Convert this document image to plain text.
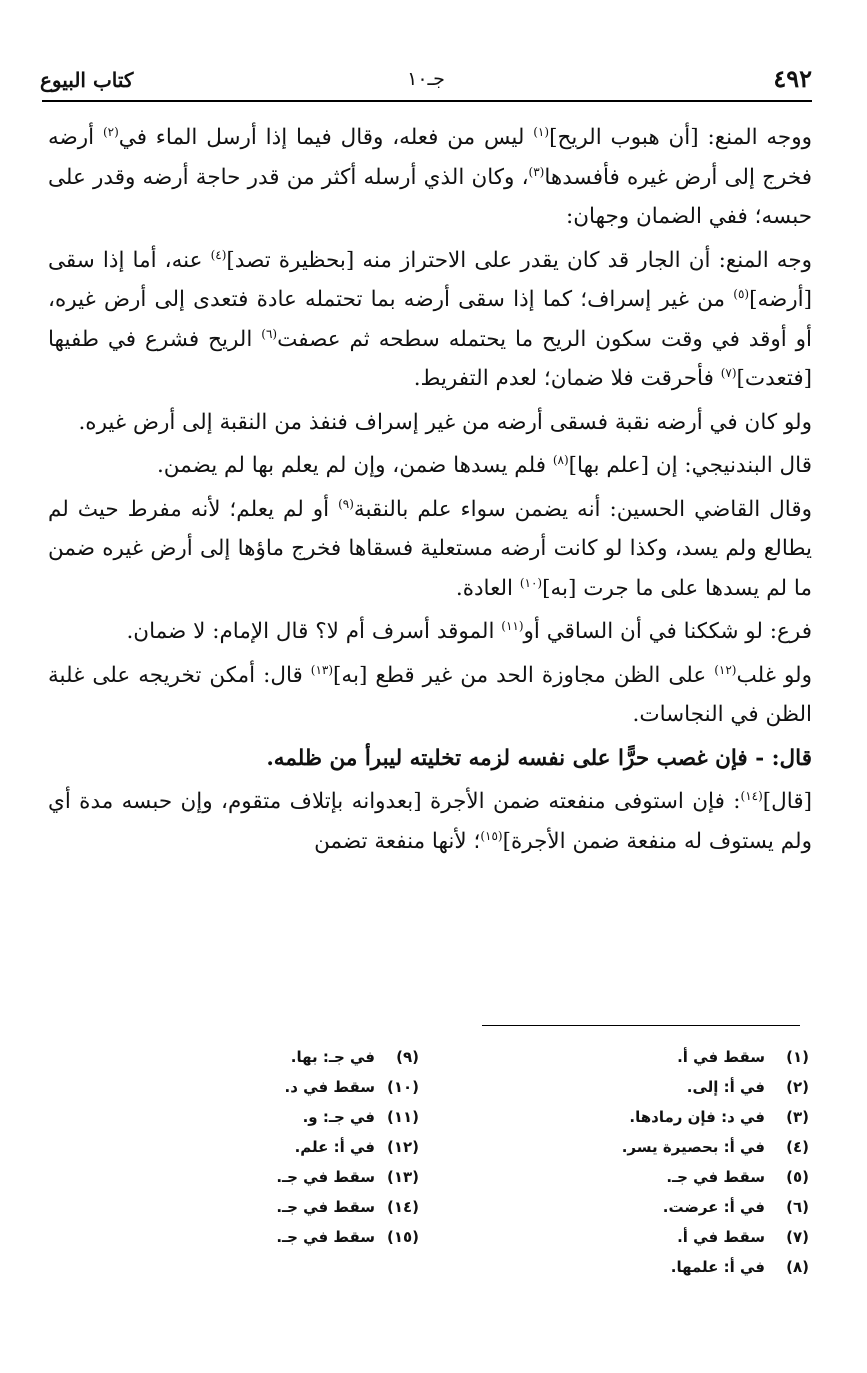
٤٩٢
جـ١٠
كتاب البيوع

ووجه المنع: [أن هبوب الريح]$^{(١)}$ ليس من فعله، وقال فيما إذا أرسل الماء في$^{(٢)}$ أرضه فخرج إلى أرض غيره فأفسدها$^{(٣)}$، وكان الذي أرسله أكثر من قدر حاجة أرضه وقدر على حبسه؛ ففي الضمان وجهان:

وجه المنع: أن الجار قد كان يقدر على الاحتراز منه [بحظيرة تصد]$^{(٤)}$ عنه، أما إذا سقى [أرضه]$^{(٥)}$ من غير إسراف؛ كما إذا سقى أرضه بما تحتمله عادة فتعدى إلى أرض غيره، أو أوقد في وقت سكون الريح ما يحتمله سطحه ثم عصفت$^{(٦)}$ الريح فشرع في طفيها [فتعدت]$^{(٧)}$ فأحرقت فلا ضمان؛ لعدم التفريط.

ولو كان في أرضه نقبة فسقى أرضه من غير إسراف فنفذ من النقبة إلى أرض غيره.

قال البندنيجي: إن [علم بها]$^{(٨)}$ فلم يسدها ضمن، وإن لم يعلم بها لم يضمن.

وقال القاضي الحسين: أنه يضمن سواء علم بالنقبة$^{(٩)}$ أو لم يعلم؛ لأنه مفرط حيث لم يطالع ولم يسد، وكذا لو كانت أرضه مستعلية فسقاها فخرج ماؤها إلى أرض غيره ضمن ما لم يسدها على ما جرت [به]$^{(١٠)}$ العادة.

فرع: لو شككنا في أن الساقي أو$^{(١١)}$ الموقد أسرف أم لا؟ قال الإمام: لا ضمان.

ولو غلب$^{(١٢)}$ على الظن مجاوزة الحد من غير قطع [به]$^{(١٣)}$ قال: أمكن تخريجه على غلبة الظن في النجاسات.

قال: - فإن غصب حرًّا على نفسه لزمه تخليته ليبرأ من ظلمه.

[قال]$^{(١٤)}$: فإن استوفى منفعته ضمن الأجرة [بعدوانه بإتلاف متقوم، وإن حبسه مدة أي ولم يستوف له منفعة ضمن الأجرة]$^{(١٥)}$؛ لأنها منفعة تضمن

(١)سقط في أ.
(٢)في أ: إلى.
(٣)في د: فإن رمادها.
(٤)في أ: بحصيرة يسر.
(٥)سقط في جـ.
(٦)في أ: عرضت.
(٧)سقط في أ.
(٨)في أ: علمها.
(٩)في جـ: بها.
(١٠)سقط في د.
(١١)في جـ: و.
(١٢)في أ: علم.
(١٣)سقط في جـ.
(١٤)سقط في جـ.
(١٥)سقط في جـ.
